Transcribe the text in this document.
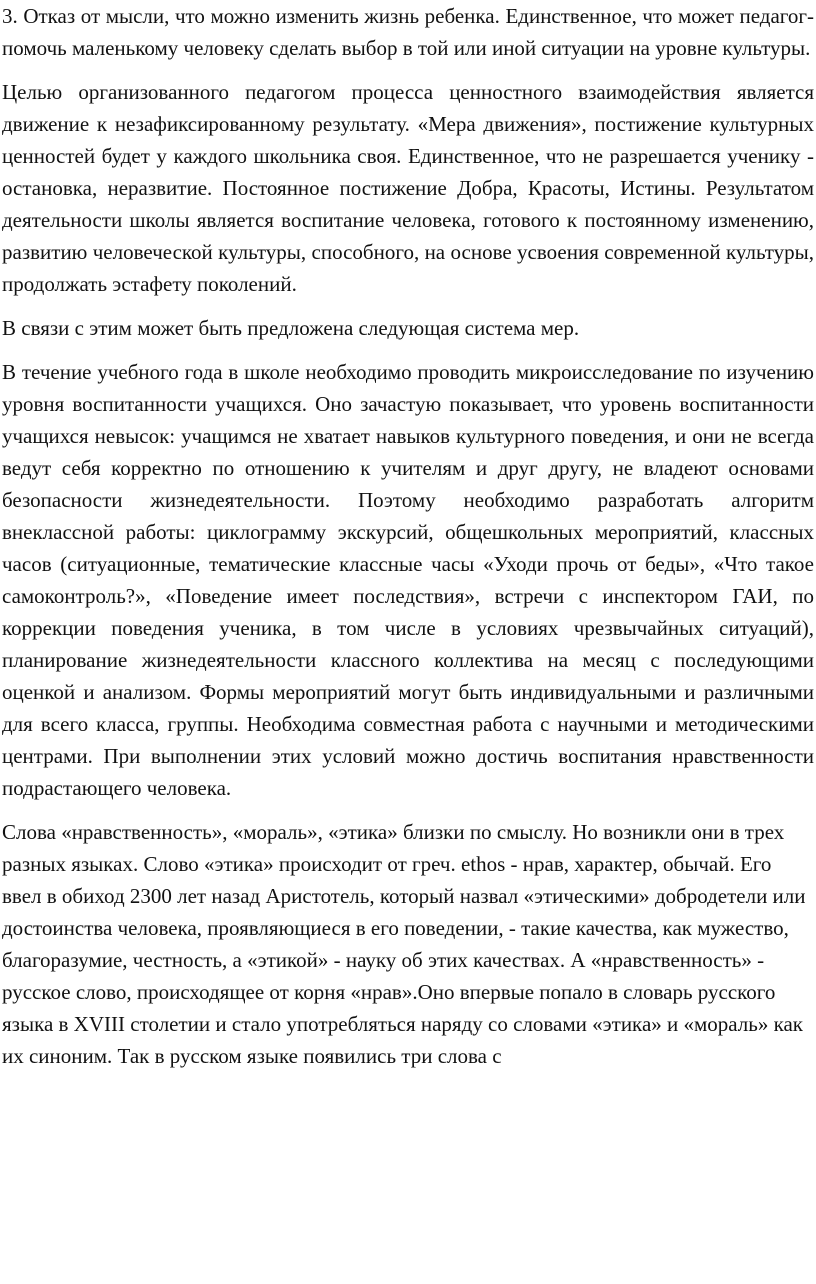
3. Отказ от мысли, что можно изменить жизнь ребенка. Единственное, что может педагог-помочь маленькому человеку сделать выбор в той или иной ситуации на уровне культуры.

Целью организованного педагогом процесса ценностного взаимодействия является движение к незафиксированному результату. «Мера движения», постижение культурных ценностей будет у каждого школьника своя. Единственное, что не разрешается ученику - остановка, неразвитие. Постоянное постижение Добра, Красоты, Истины. Результатом деятельности школы является воспитание человека, готового к постоянному изменению, развитию человеческой культуры, способного, на основе усвоения современной культуры, продолжать эстафету поколений.

В связи с этим может быть предложена следующая система мер.

В течение учебного года в школе необходимо проводить микроисследование по изучению уровня воспитанности учащихся. Оно зачастую показывает, что уровень воспитанности учащихся невысок: учащимся не хватает навыков культурного поведения, и они не всегда ведут себя корректно по отношению к учителям и друг другу, не владеют основами безопасности жизнедеятельности. Поэтому необходимо разработать алгоритм внеклассной работы: циклограмму экскурсий, общешкольных мероприятий, классных часов (ситуационные, тематические классные часы «Уходи прочь от беды», «Что такое самоконтроль?», «Поведение имеет последствия», встречи с инспектором ГАИ, по коррекции поведения ученика, в том числе в условиях чрезвычайных ситуаций), планирование жизнедеятельности классного коллектива на месяц с последующими оценкой и анализом. Формы мероприятий могут быть индивидуальными и различными для всего класса, группы. Необходима совместная работа с научными и методическими центрами. При выполнении этих условий можно достичь воспитания нравственности подрастающего человека.

Слова «нравственность», «мораль», «этика» близки по смыслу. Но возникли они в трех разных языках. Слово «этика» происходит от греч. ethos - нрав, характер, обычай. Его ввел в обиход 2300 лет назад Аристотель, который назвал «этическими» добродетели или достоинства человека, проявляющиеся в его поведении, - такие качества, как мужество, благоразумие, честность, а «этикой» - науку об этих качествах. А «нравственность» - русское слово, происходящее от корня «нрав».Оно впервые попало в словарь русского языка в XVIII столетии и стало употребляться наряду со словами «этика» и «мораль» как их синоним. Так в русском языке появились три слова с
